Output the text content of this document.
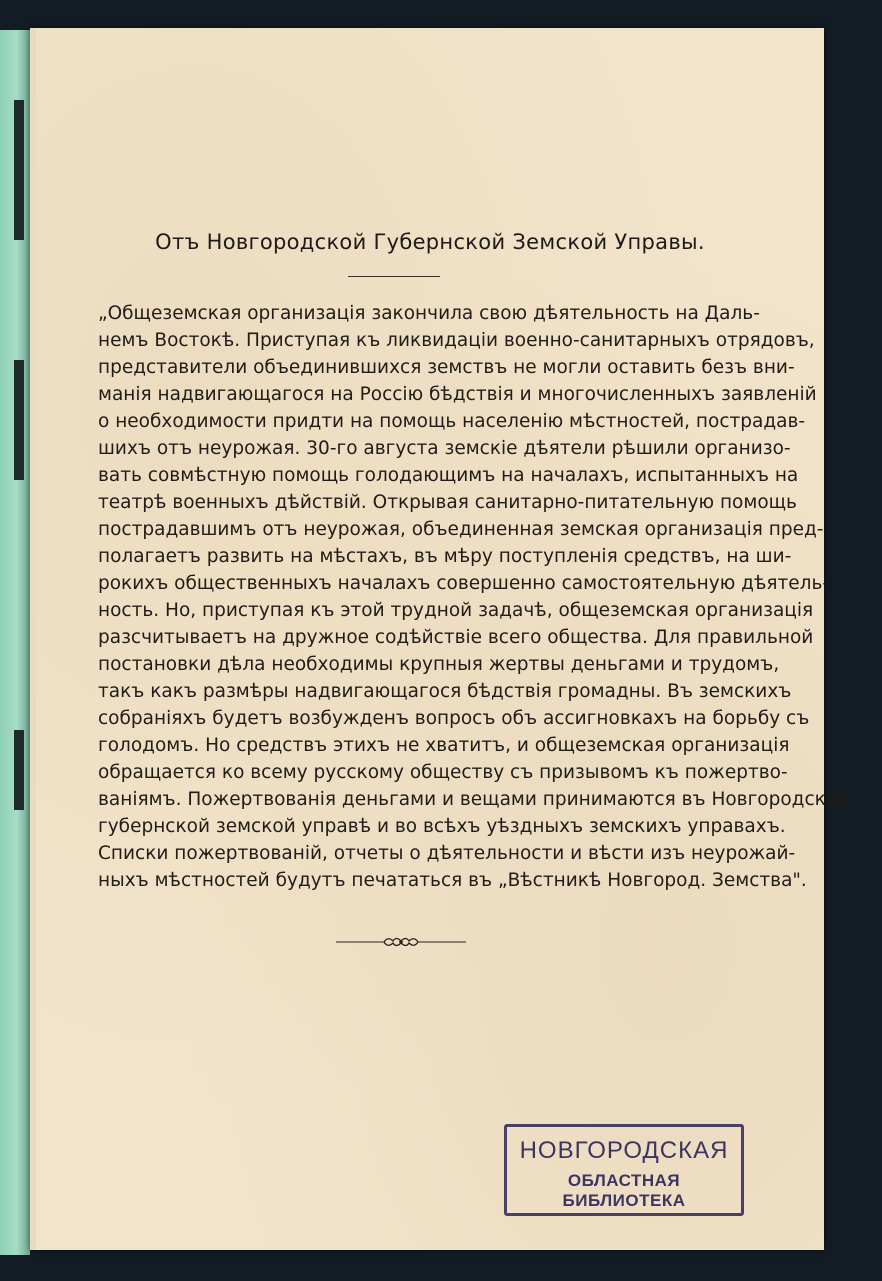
Отъ Новгородской Губернской Земской Управы.
„Общеземская организація закончила свою дѣятельность на Даль-
немъ Востокѣ. Приступая къ ликвидаціи военно-санитарныхъ отрядовъ,
представители объединившихся земствъ не могли оставить безъ вни-
манія надвигающагося на Россію бѣдствія и многочисленныхъ заявленій
о необходимости придти на помощь населенію мѣстностей, пострадав-
шихъ отъ неурожая. 30-го августа земскіе дѣятели рѣшили организо-
вать совмѣстную помощь голодающимъ на началахъ, испытанныхъ на
театрѣ военныхъ дѣйствій. Открывая санитарно-питательную помощь
пострадавшимъ отъ неурожая, объединенная земская организація пред-
полагаетъ развить на мѣстахъ, въ мѣру поступленія средствъ, на ши-
рокихъ общественныхъ началахъ совершенно самостоятельную дѣятель-
ность. Но, приступая къ этой трудной задачѣ, общеземская организація
разсчитываетъ на дружное содѣйствіе всего общества. Для правильной
постановки дѣла необходимы крупныя жертвы деньгами и трудомъ,
такъ какъ размѣры надвигающагося бѣдствія громадны. Въ земскихъ
собраніяхъ будетъ возбужденъ вопросъ объ ассигновкахъ на борьбу съ
голодомъ. Но средствъ этихъ не хватитъ, и общеземская организація
обращается ко всему русскому обществу съ призывомъ къ пожертво-
ваніямъ. Пожертвованія деньгами и вещами принимаются въ Новгородской
губернской земской управѣ и во всѣхъ уѣздныхъ земскихъ управахъ.
Списки пожертвованій, отчеты о дѣятельности и вѣсти изъ неурожай-
ныхъ мѣстностей будутъ печататься въ „Вѣстникѣ Новгород. Земства".
НОВГОРОДСКАЯ
ОБЛАСТНАЯ БИБЛИОТЕКА
